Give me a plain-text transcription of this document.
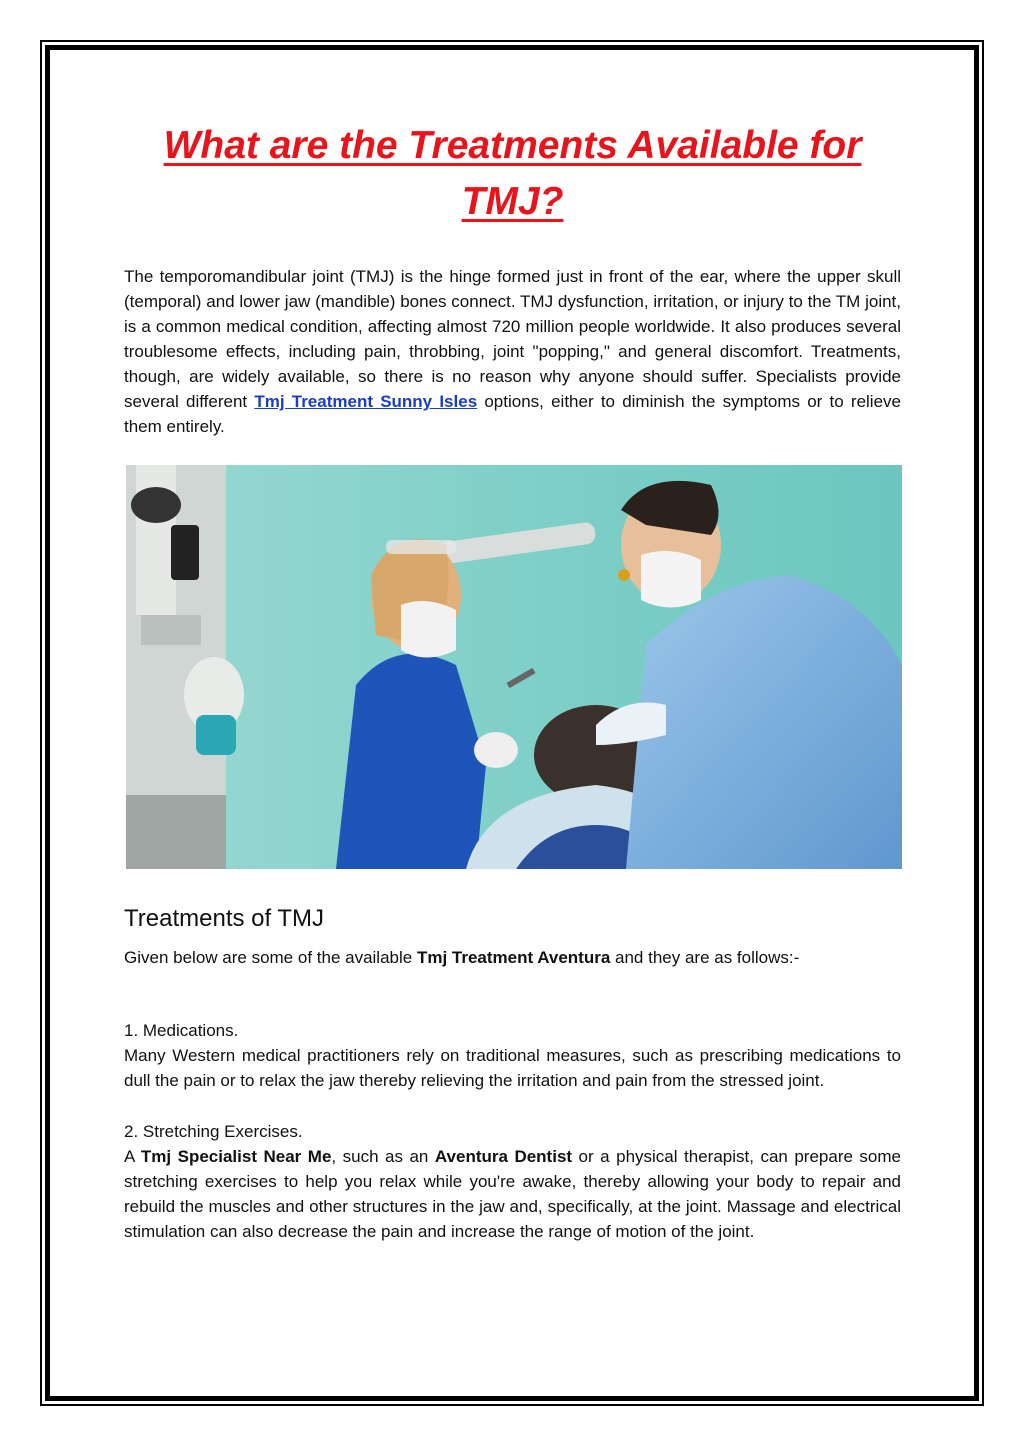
What are the Treatments Available for TMJ?

The temporomandibular joint (TMJ) is the hinge formed just in front of the ear, where the upper skull (temporal) and lower jaw (mandible) bones connect. TMJ dysfunction, irritation, or injury to the TM joint, is a common medical condition, affecting almost 720 million people worldwide. It also produces several troublesome effects, including pain, throbbing, joint "popping," and general discomfort. Treatments, though, are widely available, so there is no reason why anyone should suffer. Specialists provide several different Tmj Treatment Sunny Isles options, either to diminish the symptoms or to relieve them entirely.

Treatments of TMJ

Given below are some of the available Tmj Treatment Aventura and they are as follows:-

1. Medications.

Many Western medical practitioners rely on traditional measures, such as prescribing medications to dull the pain or to relax the jaw thereby relieving the irritation and pain from the stressed joint.

2. Stretching Exercises.

A Tmj Specialist Near Me, such as an Aventura Dentist or a physical therapist, can prepare some stretching exercises to help you relax while you're awake, thereby allowing your body to repair and rebuild the muscles and other structures in the jaw and, specifically, at the joint. Massage and electrical stimulation can also decrease the pain and increase the range of motion of the joint.
